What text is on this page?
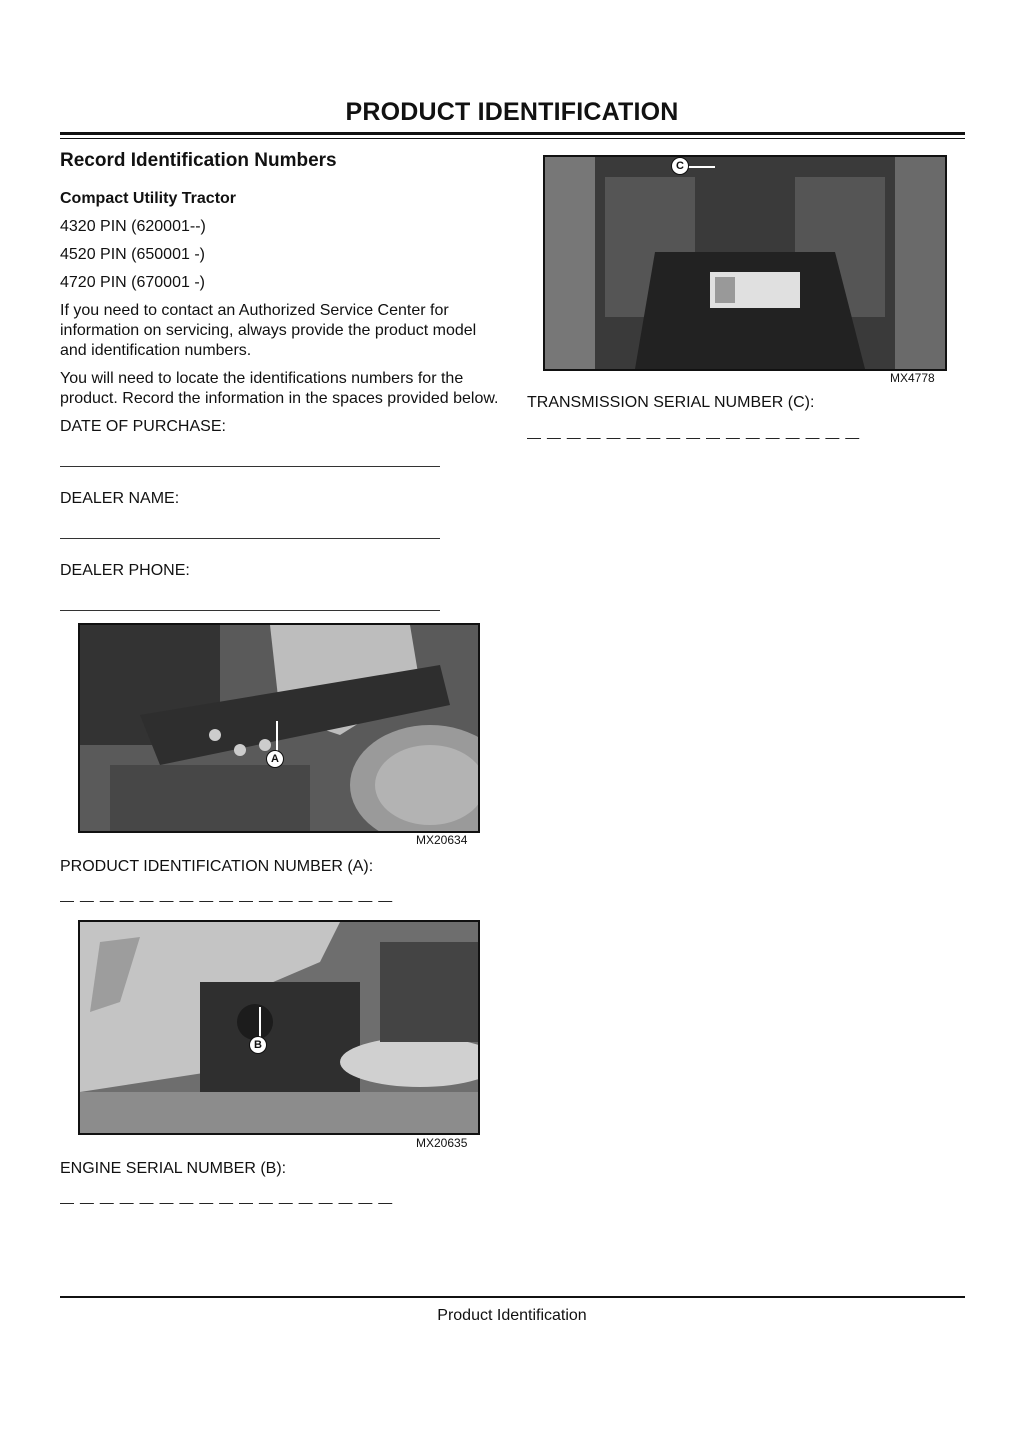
PRODUCT IDENTIFICATION
Record Identification Numbers
Compact Utility Tractor
4320 PIN (620001--)
4520 PIN (650001 -)
4720 PIN (670001 -)
If you need to contact an Authorized Service Center for information on servicing, always provide the product model and identification numbers.
You will need to locate the identifications numbers for the product. Record the information in the spaces provided below.
DATE OF PURCHASE:
DEALER NAME:
DEALER PHONE:
A
MX20634
PRODUCT IDENTIFICATION NUMBER (A):
— — — — — — — — — — — — — — — — —
B
MX20635
ENGINE SERIAL NUMBER (B):
— — — — — — — — — — — — — — — — —
C
MX4778
TRANSMISSION SERIAL NUMBER (C):
— — — — — — — — — — — — — — — — —
Product Identification
